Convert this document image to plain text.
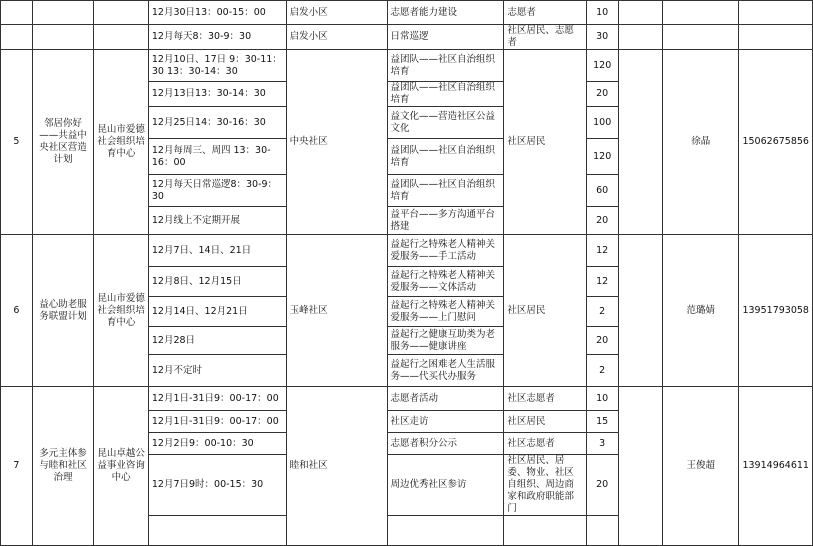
			12月30日13：00-15：00	启发小区	志愿者能力建设	志愿者	10			
			12月每天8：30-9：30	启发小区	日常巡逻	社区居民、志愿者	30			
5	邻居你好——共益中央社区营造计划	昆山市爱德社会组织培育中心	12月10日、17日 9：30-11：30 13：30-14：30	中央社区	益团队——社区自治组织培育	社区居民	120		徐晶	15062675856
			12月13日13：30-14：30		益团队——社区自治组织培育		20			
			12月25日14：30-16：30		益文化——营造社区公益文化		100			
			12月每周三、周四 13：30-16：00		益团队——社区自治组织培育		120			
			12月每天日常巡逻8：30-9：30		益团队——社区自治组织培育		60			
			12月线上不定期开展		益平台——多方沟通平台搭建		20			
6	益心助老服务联盟计划	昆山市爱德社会组织培育中心	12月7日、14日、21日	玉峰社区	益起行之特殊老人精神关爱服务——手工活动	社区居民	12		范璐婧	13951793058
			12月8日、12月15日		益起行之特殊老人精神关爱服务——文体活动		12			
			12月14日、12月21日		益起行之特殊老人精神关爱服务——上门慰问		2			
			12月28日		益起行之健康互助类为老服务——健康讲座		20			
			12月不定时		益起行之困难老人生活服务——代买代办服务		2			
7	多元主体参与睦和社区治理	昆山卓越公益事业咨询中心	12月1日-31日9：00-17：00	睦和社区	志愿者活动	社区志愿者	10		王俊超	13914964611
			12月1日-31日9：00-17：00		社区走访	社区居民	15			
			12月2日9：00-10：30		志愿者积分公示	社区志愿者	3			
			12月7日9时：00-15：30		周边优秀社区参访	社区居民、居委、物业、社区自组织、周边商家和政府职能部门	20			
